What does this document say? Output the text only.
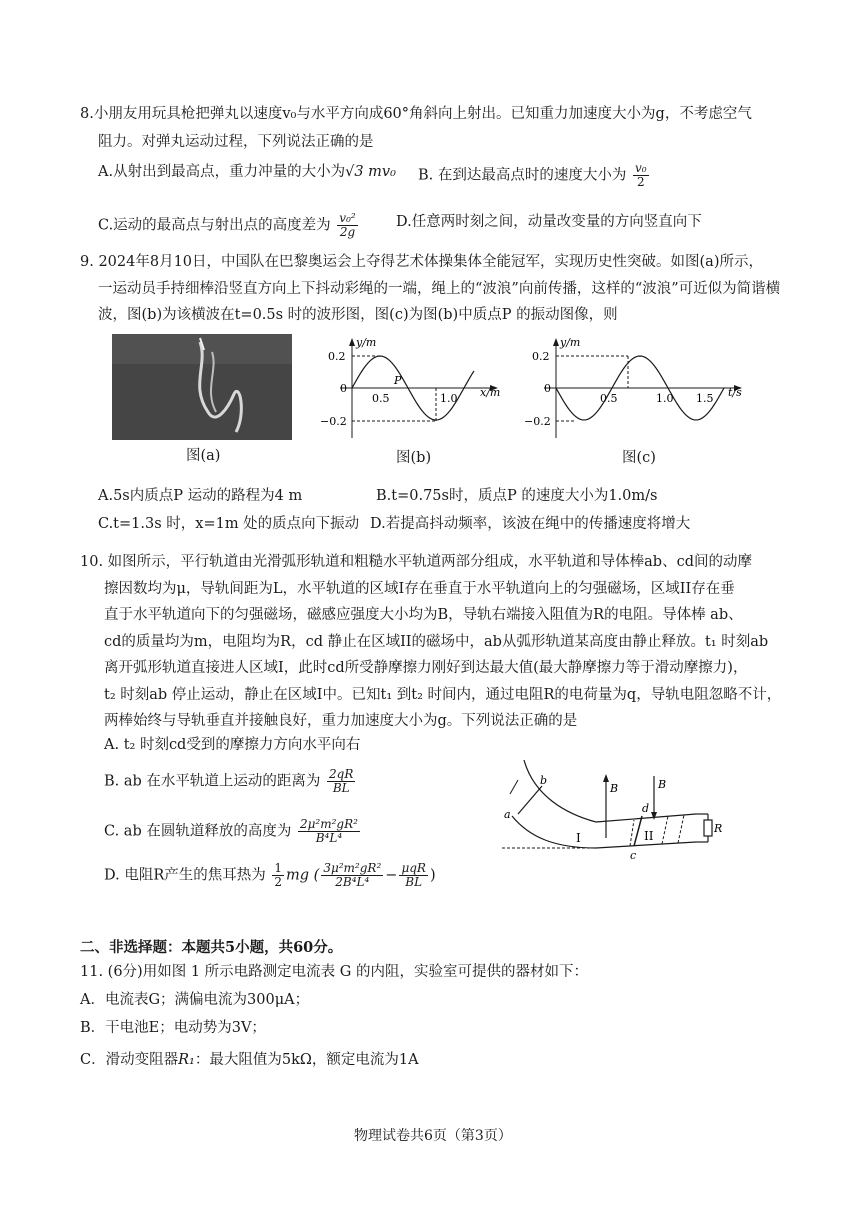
8.小朋友用玩具枪把弹丸以速度v₀与水平方向成60°角斜向上射出。已知重力加速度大小为g，不考虑空气
阻力。对弹丸运动过程，下列说法正确的是
A.从射出到最高点，重力冲量的大小为√3 mv₀ B. 在到达最高点时的速度大小为 $\frac{\text{v₀}}{2}$
C.运动的最高点与射出点的高度差为 $\frac{\text{v₀²}}{2g}$	D.任意两时刻之间，动量改变量的方向竖直向下
9. 2024年8月10日，中国队在巴黎奥运会上夺得艺术体操集体全能冠军，实现历史性突破。如图(a)所示，
一运动员手持细棒沿竖直方向上下抖动彩绳的一端，绳上的“波浪”向前传播，这样的“波浪”可近似为简谐横
波，图(b)为该横波在t=0.5s 时的波形图，图(c)为图(b)中质点P 的振动图像，则
图(a)
y/m
x/m
0.2
−0.2
0
0.5	1.0
P
图(b)
y/m
t/s
0.2
−0.2
0
0.5	1.0 1.5
图(c)
A.5s内质点P 运动的路程为4 m	B.t=0.75s时，质点P 的速度大小为1.0m/s
C.t=1.3s 时，x=1m 处的质点向下振动 D.若提高抖动频率，该波在绳中的传播速度将增大
10. 如图所示，平行轨道由光滑弧形轨道和粗糙水平轨道两部分组成，水平轨道和导体棒ab、cd间的动摩
擦因数均为μ，导轨间距为L，水平轨道的区域I存在垂直于水平轨道向上的匀强磁场，区域II存在垂
直于水平轨道向下的匀强磁场，磁感应强度大小均为B，导轨右端接入阻值为R的电阻。导体棒 ab、
cd的质量均为m，电阻均为R，cd 静止在区域II的磁场中，ab从弧形轨道某高度由静止释放。t₁ 时刻ab
离开弧形轨道直接进人区域I，此时cd所受静摩擦力刚好到达最大值(最大静摩擦力等于滑动摩擦力)，
t₂ 时刻ab 停止运动，静止在区域I中。已知t₁ 到t₂ 时间内，通过电阻R的电荷量为q，导轨电阻忽略不计，
两棒始终与导轨垂直并接触良好，重力加速度大小为g。下列说法正确的是
A. t₂ 时刻cd受到的摩擦力方向水平向右
B. ab 在水平轨道上运动的距离为 $\frac{2qR}{BL}$
C. ab 在圆轨道释放的高度为 $\frac{\text{2μ²m²gR²}}{\text{B⁴L⁴}}$
D. 电阻R产生的焦耳热为 $\frac{1}{2}$ mg ( $\frac{\text{3μ²m²gR²}}{\text{2B⁴L⁴}} - \frac{\text{μqR}}{BL}$ )
b
a
c
d
B	B
R
I	II
二、非选择题：本题共5小题，共60分。
11. (6分)用如图 1 所示电路测定电流表 G 的内阻，实验室可提供的器材如下：
A．电流表G；满偏电流为300μA；
B．干电池E；电动势为3V；
C．滑动变阻器R₁：最大阻值为5kΩ，额定电流为1A
物理试卷共6页（第3页）
